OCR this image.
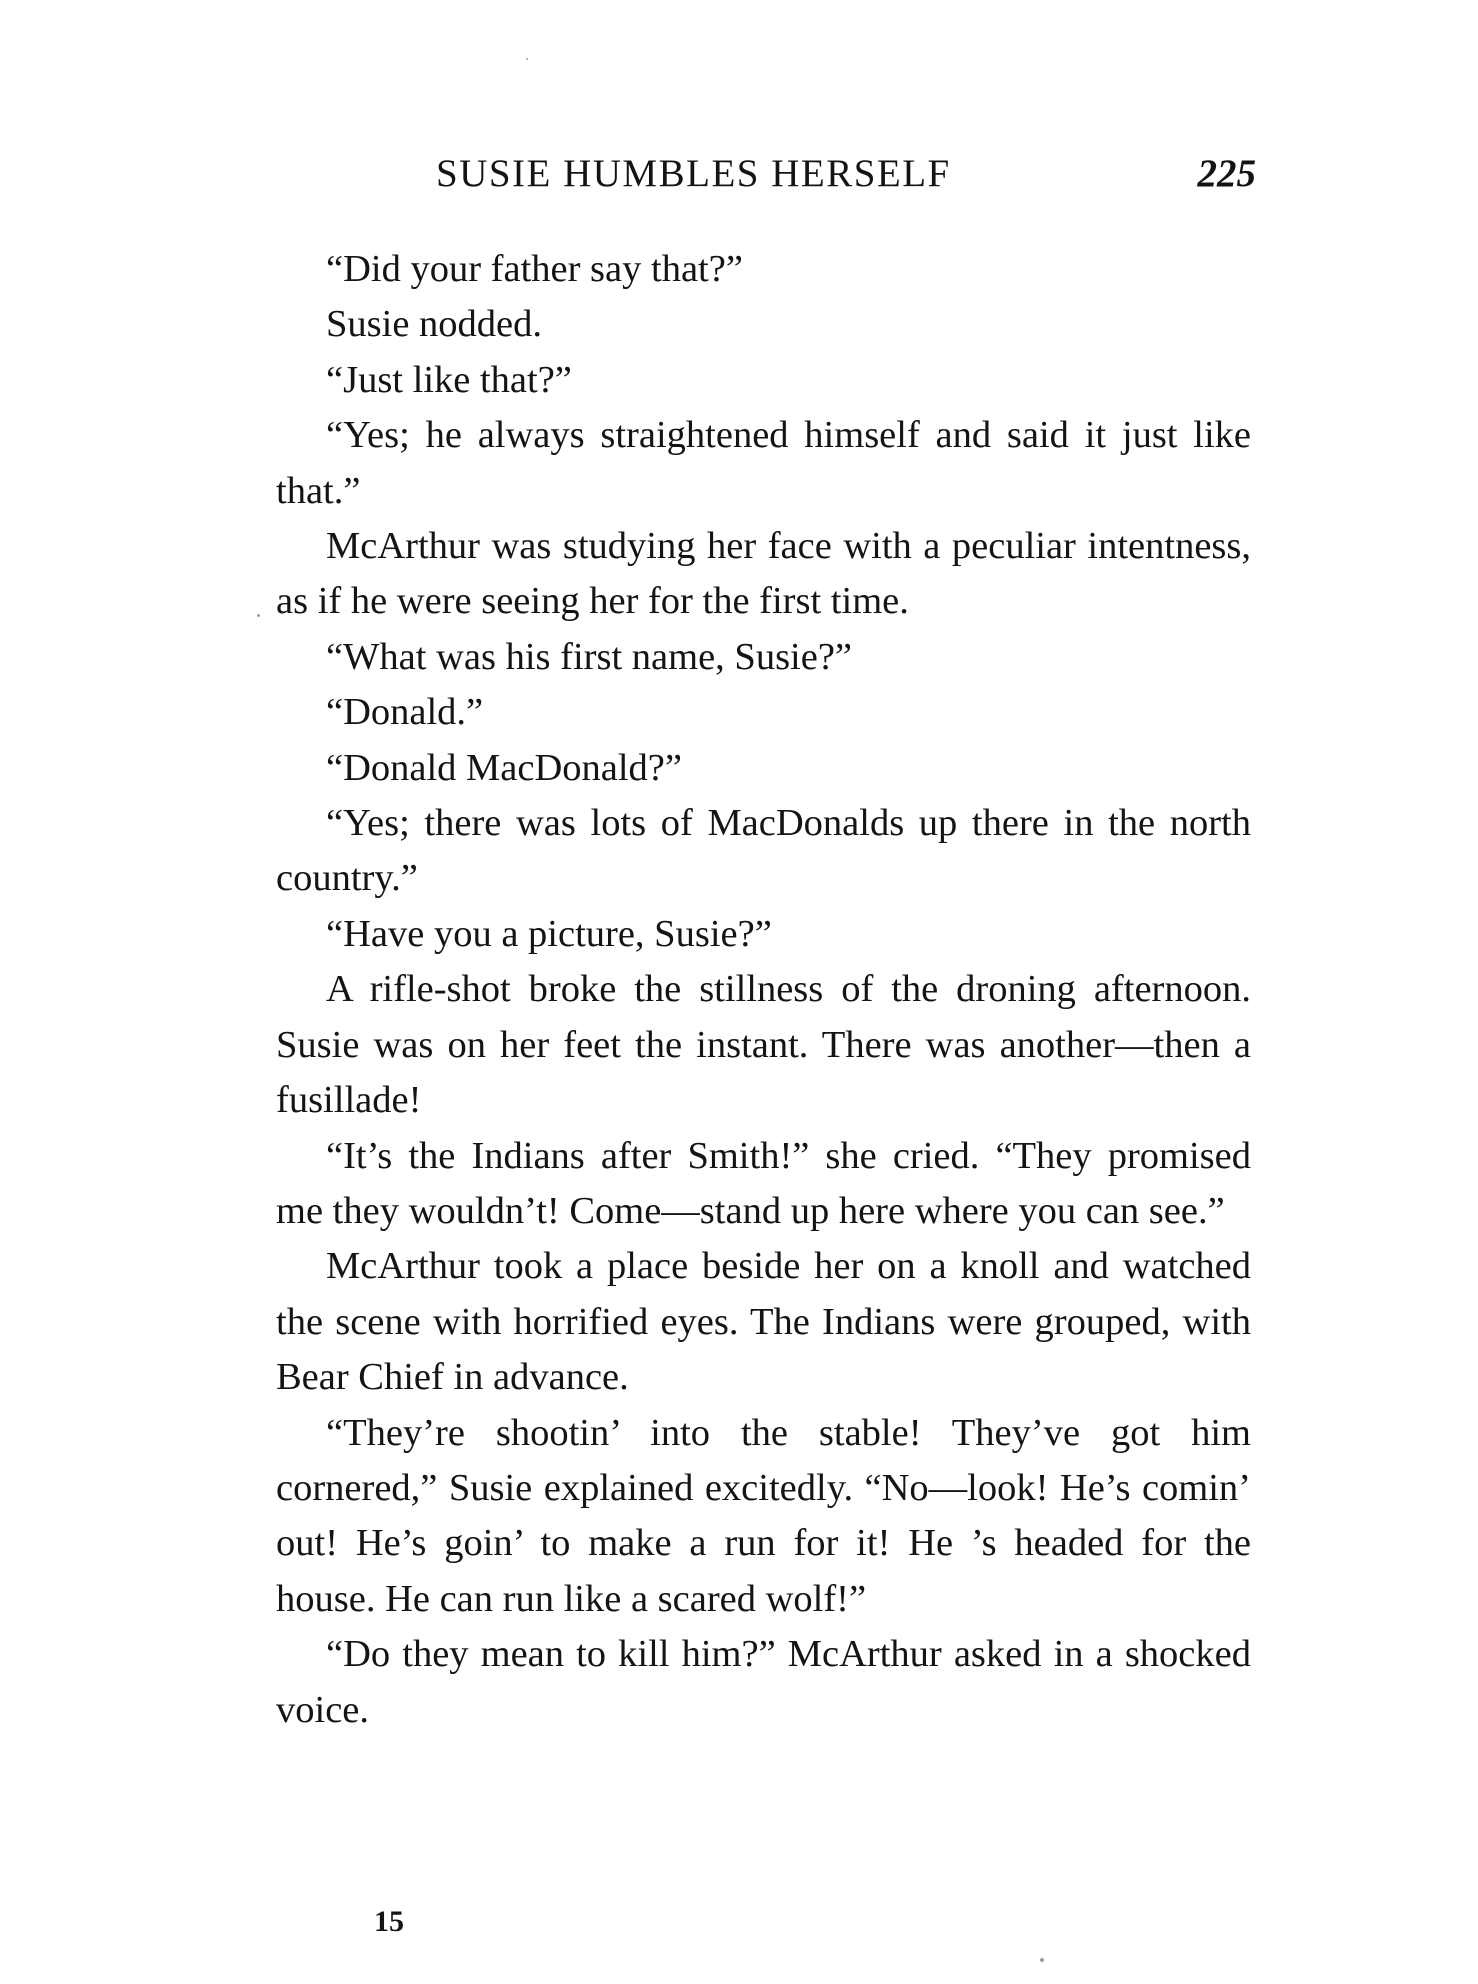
SUSIE HUMBLES HERSELF	225

“Did your father say that?”

Susie nodded.

“Just like that?”

“Yes; he always straightened himself and said it just like that.”

McArthur was studying her face with a peculiar intentness, as if he were seeing her for the first time.

“What was his first name, Susie?”

“Donald.”

“Donald MacDonald?”

“Yes; there was lots of MacDonalds up there in the north country.”

“Have you a picture, Susie?”

A rifle-shot broke the stillness of the droning afternoon. Susie was on her feet the instant. There was another—then a fusillade!

“It’s the Indians after Smith!” she cried. “They promised me they wouldn’t! Come—stand up here where you can see.”

McArthur took a place beside her on a knoll and watched the scene with horrified eyes. The Indians were grouped, with Bear Chief in advance.

“They’re shootin’ into the stable! They’ve got him cornered,” Susie explained excitedly. “No—look! He’s comin’ out! He’s goin’ to make a run for it! He ’s headed for the house. He can run like a scared wolf!”

“Do they mean to kill him?” McArthur asked in a shocked voice.

15
